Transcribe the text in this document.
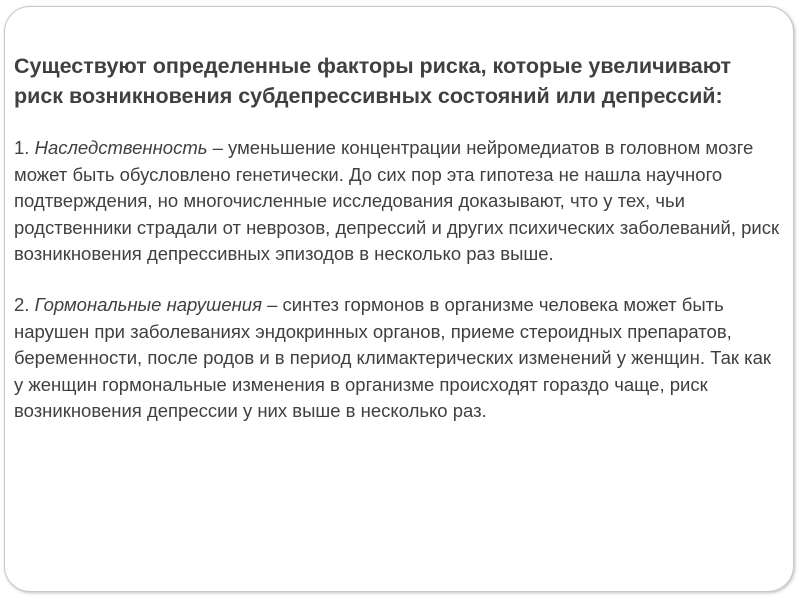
Существуют определенные факторы риска, которые увеличивают риск возникновения субдепрессивных состояний или депрессий:

1. Наследственность – уменьшение концентрации нейромедиатов в головном мозге может быть обусловлено генетически. До сих пор эта гипотеза не нашла научного подтверждения, но многочисленные исследования доказывают, что у тех, чьи родственники страдали от неврозов, депрессий и других психических заболеваний, риск возникновения депрессивных эпизодов в несколько раз выше.

2. Гормональные нарушения – синтез гормонов в организме человека может быть нарушен при заболеваниях эндокринных органов, приеме стероидных препаратов, беременности, после родов и в период климактерических изменений у женщин. Так как у женщин гормональные изменения в организме происходят гораздо чаще, риск возникновения депрессии у них выше в несколько раз.
